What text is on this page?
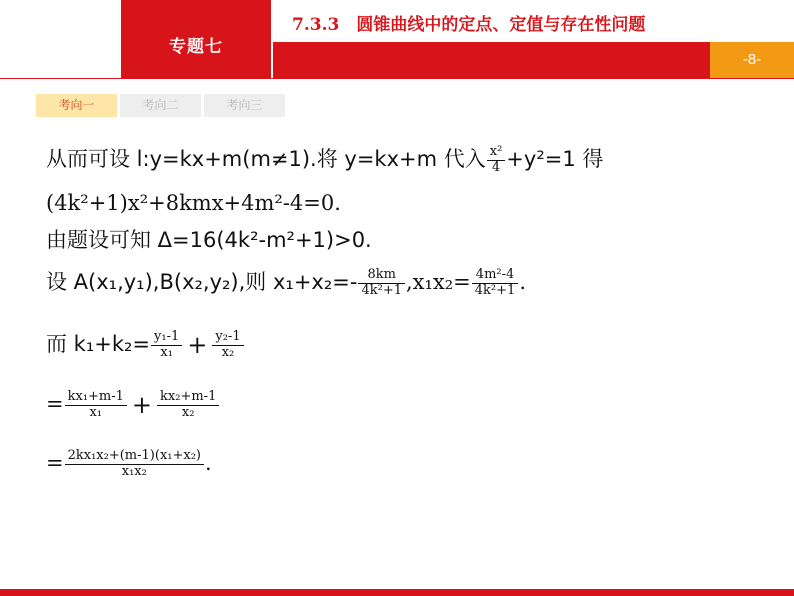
专题七
7.3.3　圆锥曲线中的定点、定值与存在性问题
-8-
考向一	考向二	考向三
从而可设 l:y=kx+m(m≠1).将 y=kx+m 代入 $\frac{\text{x²}}{4} +y^2=1$ 得
(4k²+1)x²+8kmx+4m²-4=0.
由题设可知 Δ=16(4k²-m²+1)>0.
设 A(x₁,y₁),B(x₂,y₂),则 $x_1+x_2=- \frac{8km}{\text{4k²+1}} ,x_1x_2= \frac{\text{4m²-4}}{\text{4k²+1}}$ .
而 $k_1+k_2= \frac{\text{y₁-1}}{\text{x₁}} + \frac{\text{y₂-1}}{\text{x₂}}$
= $\frac{\text{kx₁+m-1}}{\text{x₁}} + \frac{\text{kx₂+m-1}}{\text{x₂}}$
= $\frac{\text{2kx₁x₂+(m-1)(x₁+x₂)}}{\text{x₁x₂}}$ .
